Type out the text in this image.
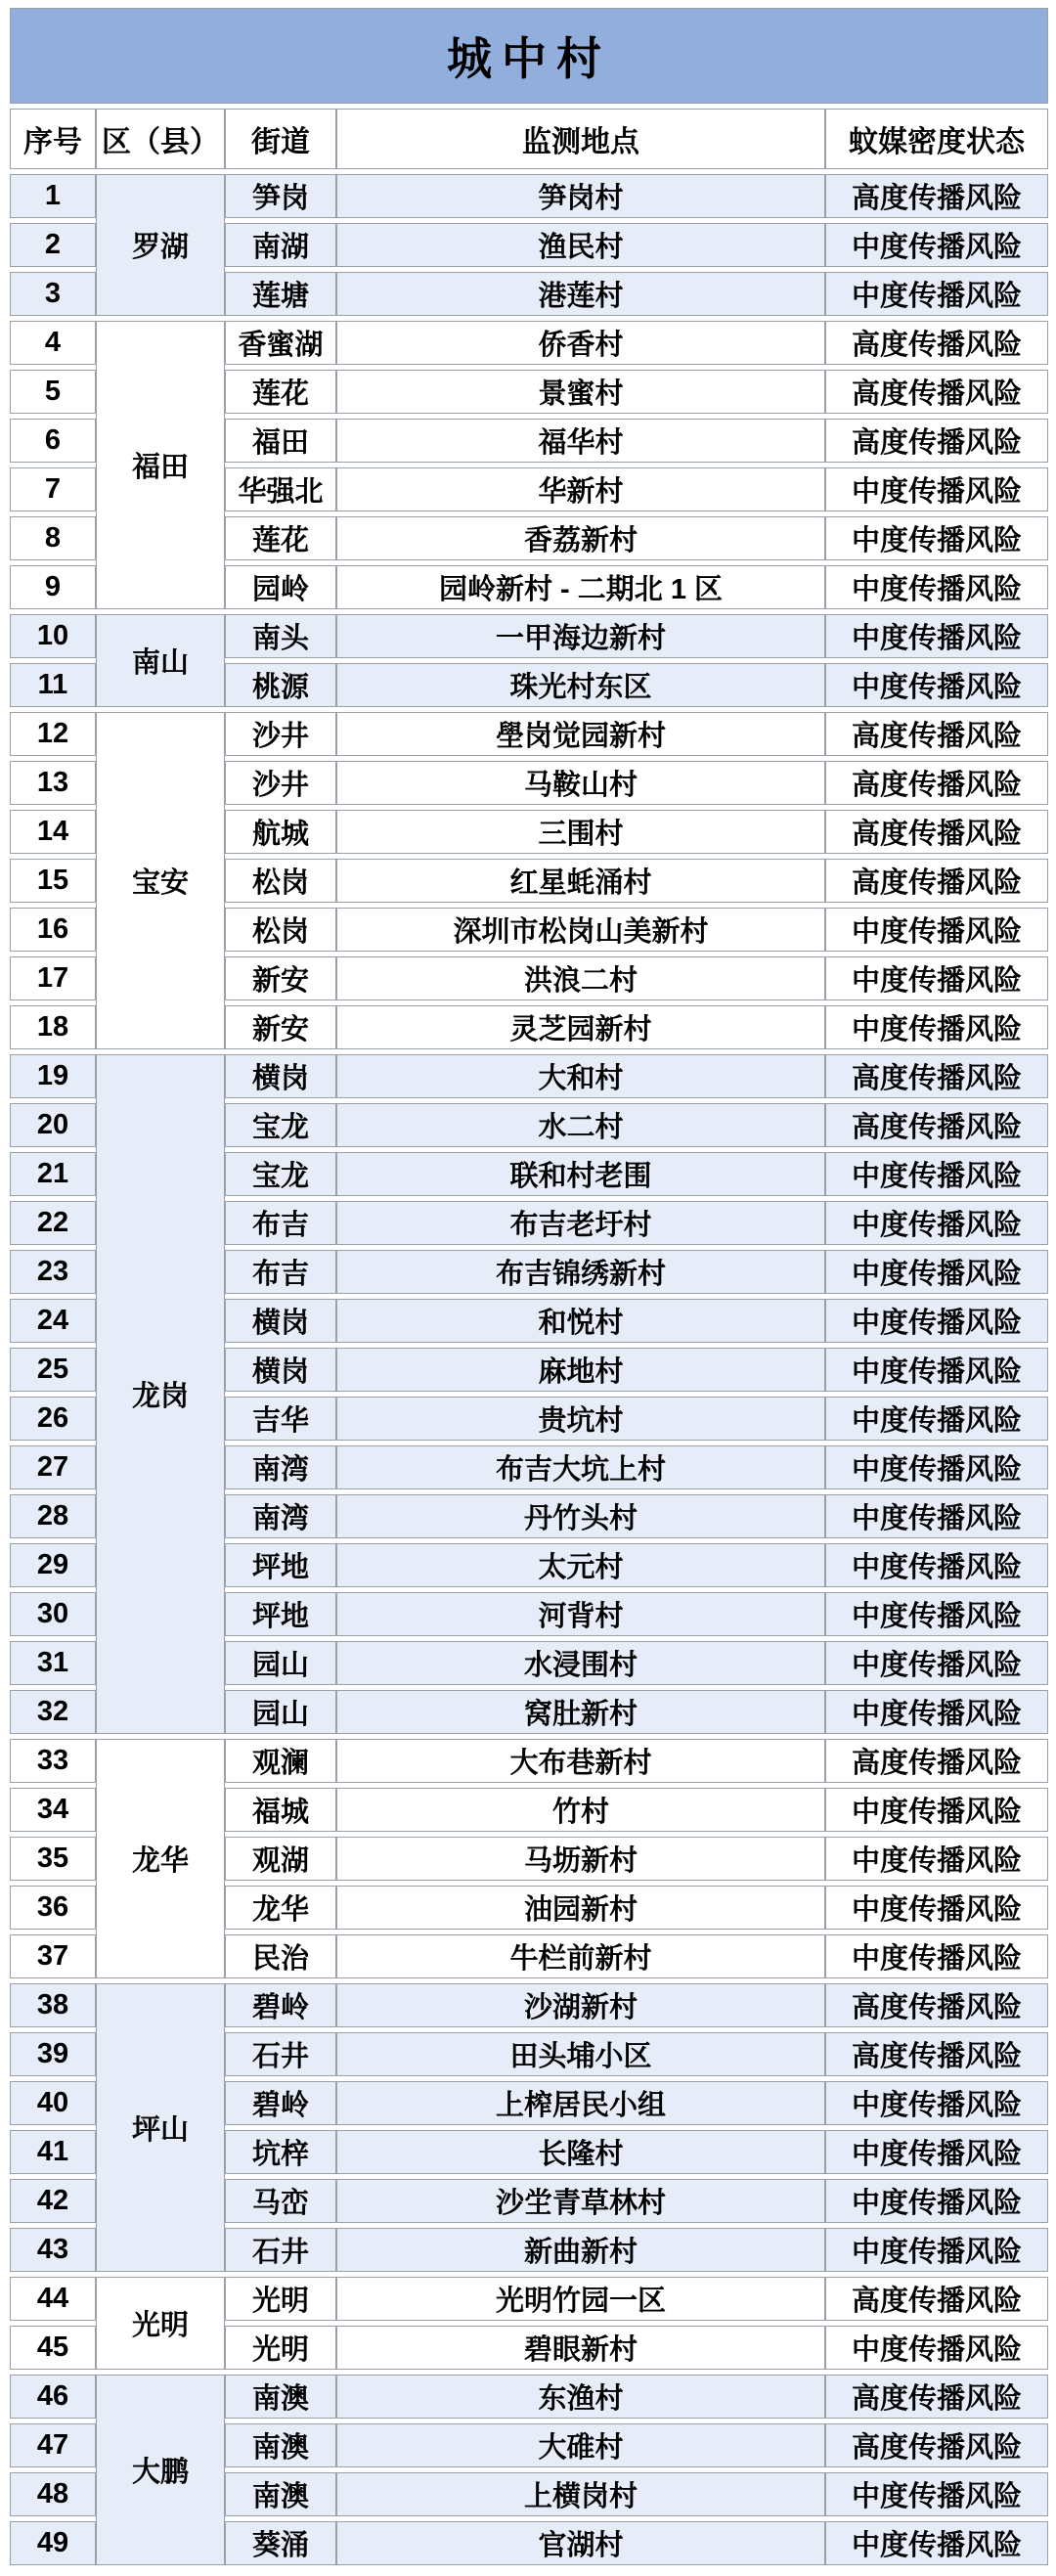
城中村
序号	区（县）	街道	监测地点	蚊媒密度状态
1	罗湖	笋岗	笋岗村	高度传播风险
2		南湖	渔民村	中度传播风险
3		莲塘	港莲村	中度传播风险
4	福田	香蜜湖	侨香村	高度传播风险
5		莲花	景蜜村	高度传播风险
6		福田	福华村	高度传播风险
7		华强北	华新村	中度传播风险
8		莲花	香荔新村	中度传播风险
9		园岭	园岭新村 - 二期北 1 区	中度传播风险
10	南山	南头	一甲海边新村	中度传播风险
11		桃源	珠光村东区	中度传播风险
12	宝安	沙井	壆岗觉园新村	高度传播风险
13		沙井	马鞍山村	高度传播风险
14		航城	三围村	高度传播风险
15		松岗	红星蚝涌村	高度传播风险
16		松岗	深圳市松岗山美新村	中度传播风险
17		新安	洪浪二村	中度传播风险
18		新安	灵芝园新村	中度传播风险
19	龙岗	横岗	大和村	高度传播风险
20		宝龙	水二村	高度传播风险
21		宝龙	联和村老围	中度传播风险
22		布吉	布吉老圩村	中度传播风险
23		布吉	布吉锦绣新村	中度传播风险
24		横岗	和悦村	中度传播风险
25		横岗	麻地村	中度传播风险
26		吉华	贵坑村	中度传播风险
27		南湾	布吉大坑上村	中度传播风险
28		南湾	丹竹头村	中度传播风险
29		坪地	太元村	中度传播风险
30		坪地	河背村	中度传播风险
31		园山	水浸围村	中度传播风险
32		园山	窝肚新村	中度传播风险
33	龙华	观澜	大布巷新村	高度传播风险
34		福城	竹村	中度传播风险
35		观湖	马坜新村	中度传播风险
36		龙华	油园新村	中度传播风险
37		民治	牛栏前新村	中度传播风险
38	坪山	碧岭	沙湖新村	高度传播风险
39		石井	田头埔小区	高度传播风险
40		碧岭	上榨居民小组	中度传播风险
41		坑梓	长隆村	中度传播风险
42		马峦	沙坣青草林村	中度传播风险
43		石井	新曲新村	中度传播风险
44	光明	光明	光明竹园一区	高度传播风险
45		光明	碧眼新村	中度传播风险
46	大鹏	南澳	东渔村	高度传播风险
47		南澳	大碓村	高度传播风险
48		南澳	上横岗村	中度传播风险
49		葵涌	官湖村	中度传播风险
